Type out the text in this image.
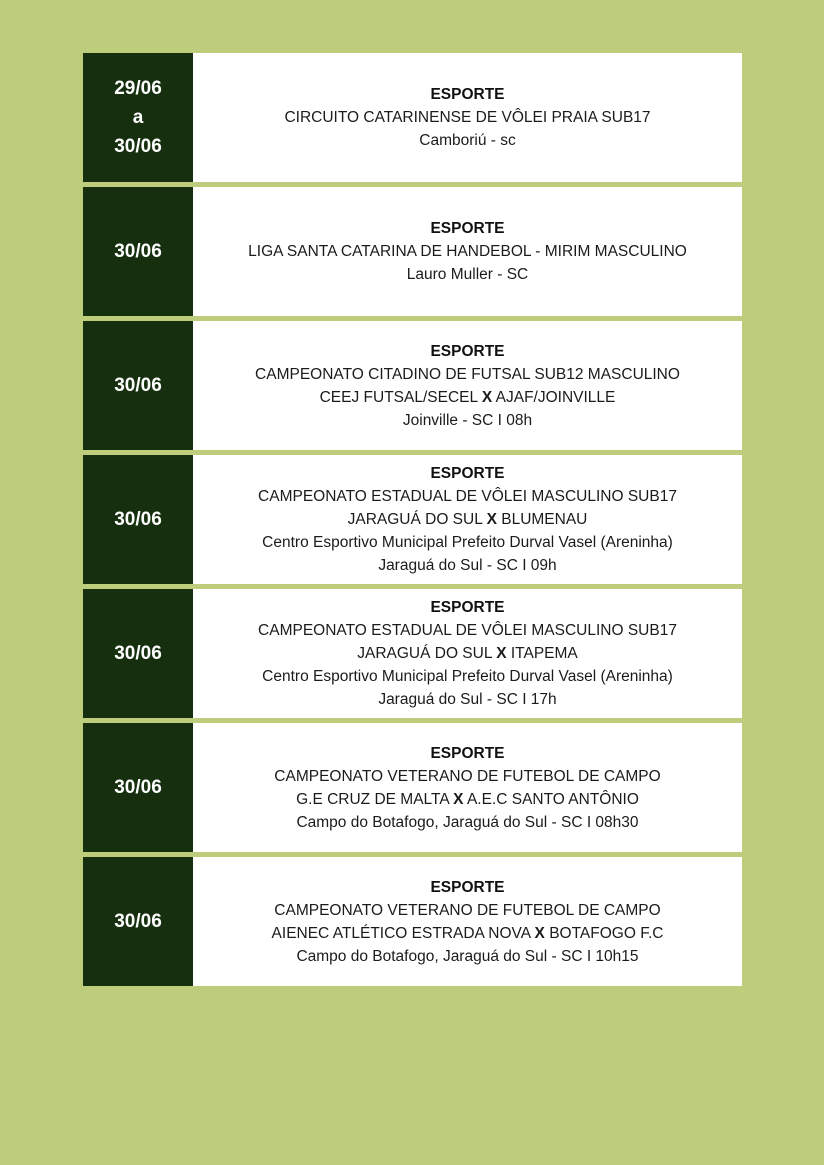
29/06
a
30/06
ESPORTE
CIRCUITO CATARINENSE DE VÔLEI PRAIA SUB17
Camboriú - sc
30/06
ESPORTE
LIGA SANTA CATARINA DE HANDEBOL - MIRIM MASCULINO
Lauro Muller - SC
30/06
ESPORTE
CAMPEONATO CITADINO DE FUTSAL SUB12 MASCULINO
CEEJ FUTSAL/SECEL X AJAF/JOINVILLE
Joinville - SC I 08h
30/06
ESPORTE
CAMPEONATO ESTADUAL DE VÔLEI MASCULINO SUB17
JARAGUÁ DO SUL X BLUMENAU
Centro Esportivo Municipal Prefeito Durval Vasel (Areninha)
Jaraguá do Sul - SC I 09h
30/06
ESPORTE
CAMPEONATO ESTADUAL DE VÔLEI MASCULINO SUB17
JARAGUÁ DO SUL X ITAPEMA
Centro Esportivo Municipal Prefeito Durval Vasel (Areninha)
Jaraguá do Sul - SC I 17h
30/06
ESPORTE
CAMPEONATO VETERANO DE FUTEBOL DE CAMPO
G.E CRUZ DE MALTA X A.E.C SANTO ANTÔNIO
Campo do Botafogo, Jaraguá do Sul - SC I 08h30
30/06
ESPORTE
CAMPEONATO VETERANO DE FUTEBOL DE CAMPO
AIENEC ATLÉTICO ESTRADA NOVA X BOTAFOGO F.C
Campo do Botafogo, Jaraguá do Sul - SC I 10h15
